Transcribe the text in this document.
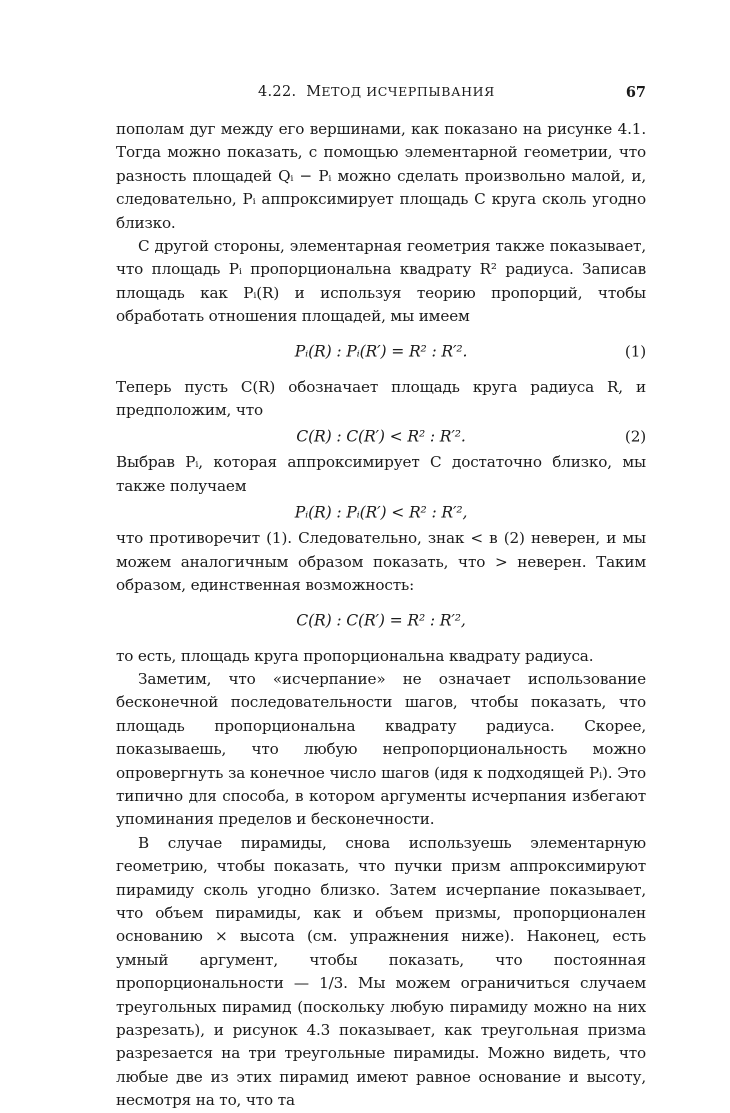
4.22. МЕТОД ИСЧЕРПЫВАНИЯ	67

пополам дуг между его вершинами, как показано на рисунке 4.1. Тогда можно показать, с помощью элементарной геометрии, что разность площадей Qᵢ − Pᵢ можно сделать произвольно малой, и, следовательно, Pᵢ аппроксимирует площадь C круга сколь угодно близко.

С другой стороны, элементарная геометрия также показывает, что площадь Pᵢ пропорциональна квадрату R² радиуса. Записав площадь как Pᵢ(R) и используя теорию пропорций, чтобы обработать отношения площадей, мы имеем

Pᵢ(R) : Pᵢ(R′) = R² : R′².	(1)

Теперь пусть C(R) обозначает площадь круга радиуса R, и предположим, что

C(R) : C(R′) < R² : R′².	(2)

Выбрав Pᵢ, которая аппроксимирует C достаточно близко, мы также получаем

Pᵢ(R) : Pᵢ(R′) < R² : R′²,

что противоречит (1). Следовательно, знак < в (2) неверен, и мы можем аналогичным образом показать, что > неверен. Таким образом, единственная возможность:

C(R) : C(R′) = R² : R′²,

то есть, площадь круга пропорциональна квадрату радиуса.

Заметим, что «исчерпание» не означает использование бесконечной последовательности шагов, чтобы показать, что площадь пропорциональна квадрату радиуса. Скорее, показываешь, что любую непропорциональность можно опровергнуть за конечное число шагов (идя к подходящей Pᵢ). Это типично для способа, в котором аргументы исчерпания избегают упоминания пределов и бесконечности.

В случае пирамиды, снова используешь элементарную геометрию, чтобы показать, что пучки призм аппроксимируют пирамиду сколь угодно близко. Затем исчерпание показывает, что объем пирамиды, как и объем призмы, пропорционален основанию × высота (см. упражнения ниже). Наконец, есть умный аргумент, чтобы показать, что постоянная пропорциональности — 1/3. Мы можем ограничиться случаем треугольных пирамид (поскольку любую пирамиду можно на них разрезать), и рисунок 4.3 показывает, как треугольная призма разрезается на три треугольные пирамиды. Можно видеть, что любые две из этих пирамид имеют равное основание и высоту, несмотря на то, что та
